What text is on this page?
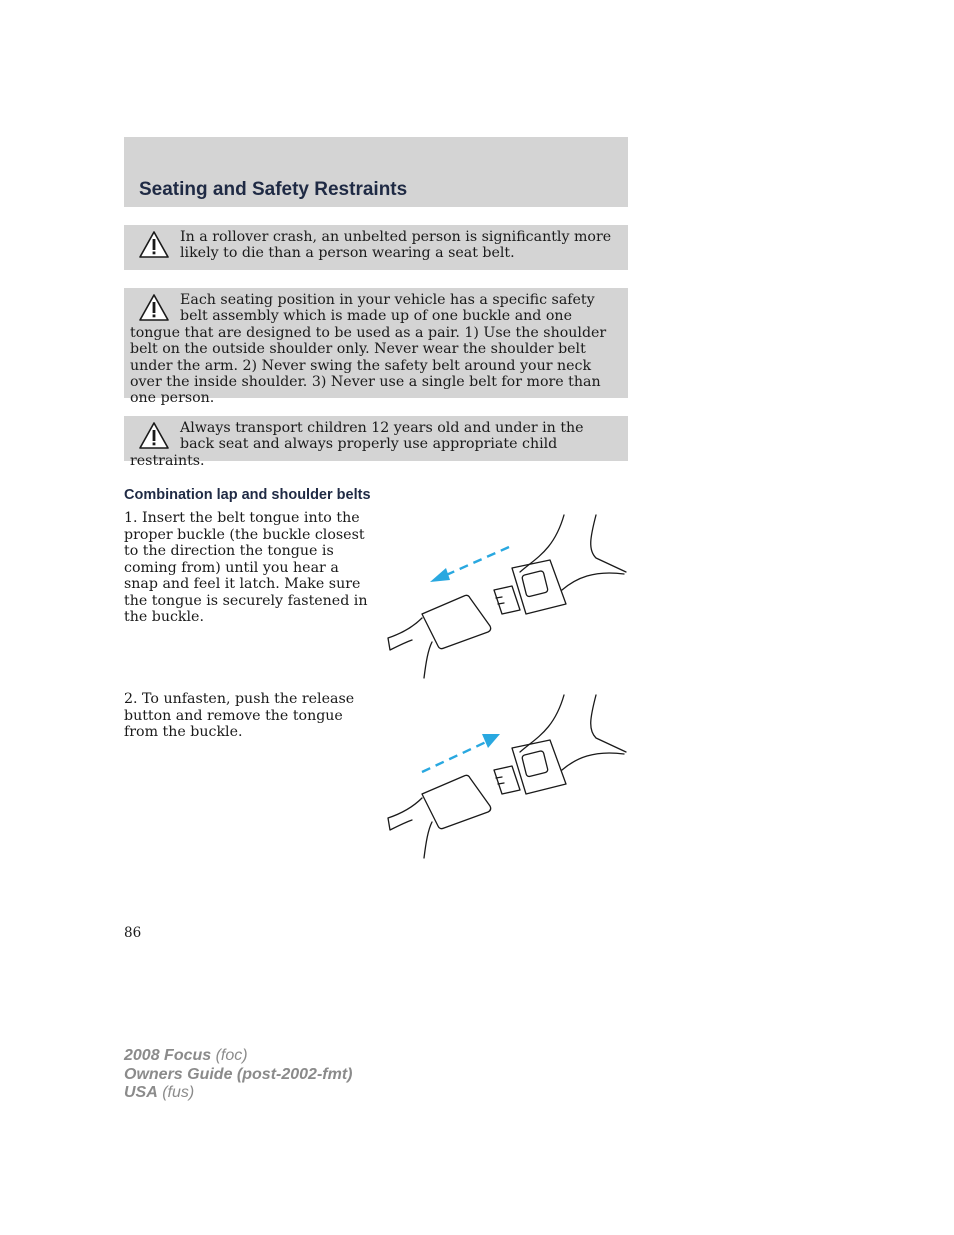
Seating and Safety Restraints

In a rollover crash, an unbelted person is significantly more likely to die than a person wearing a seat belt.

Each seating position in your vehicle has a specific safety belt assembly which is made up of one buckle and one tongue that are designed to be used as a pair. 1) Use the shoulder belt on the outside shoulder only. Never wear the shoulder belt under the arm. 2) Never swing the safety belt around your neck over the inside shoulder. 3) Never use a single belt for more than one person.

Always transport children 12 years old and under in the back seat and always properly use appropriate child restraints.

Combination lap and shoulder belts

1. Insert the belt tongue into the proper buckle (the buckle closest to the direction the tongue is coming from) until you hear a snap and feel it latch. Make sure the tongue is securely fastened in the buckle.

2. To unfasten, push the release button and remove the tongue from the buckle.

86
2008 Focus (foc)
Owners Guide (post-2002-fmt)
USA (fus)
